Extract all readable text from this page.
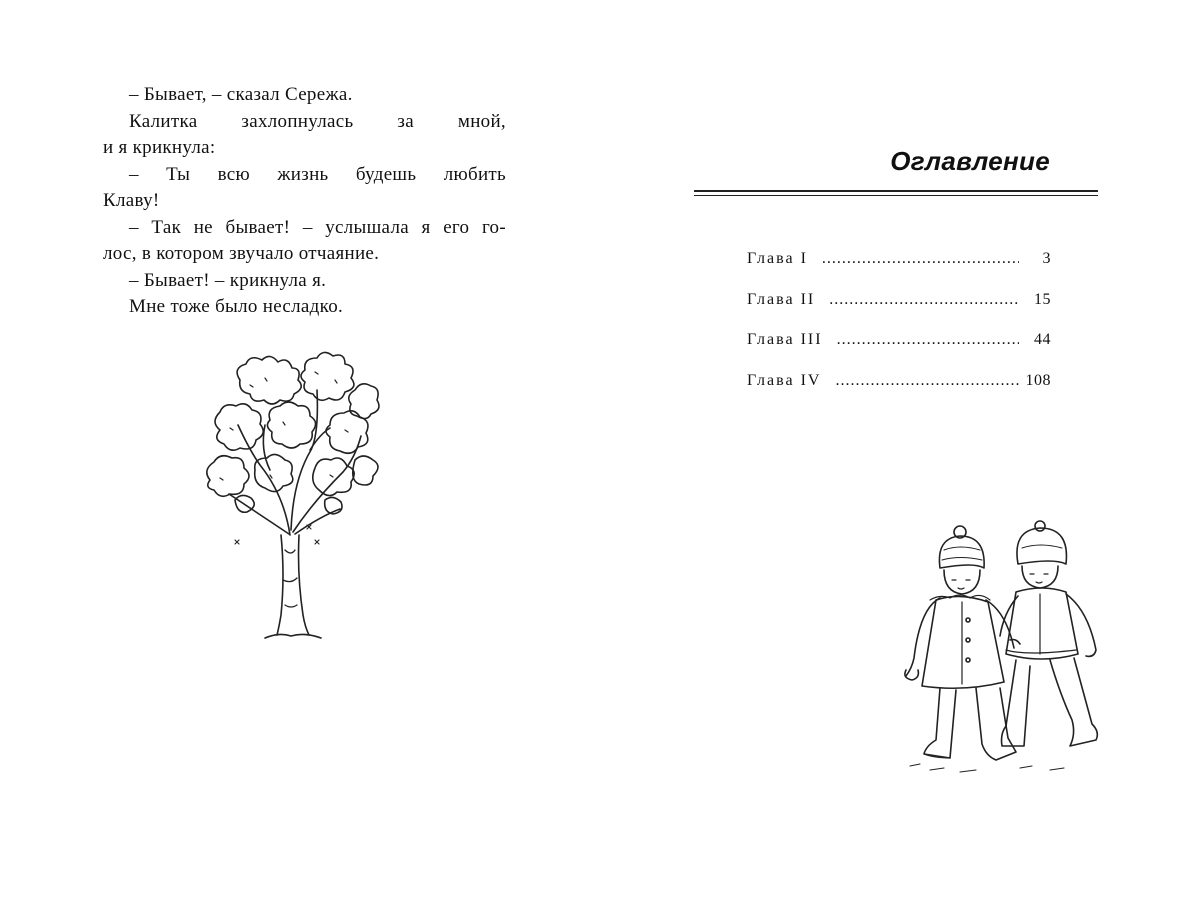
– Бывает, – сказал Сережа.

Калитка захлопнулась за мной,

и я крикнула:

– Ты всю жизнь будешь любить

Клаву!

– Так не бывает! – услышала я его го-

лос, в котором звучало отчаяние.

– Бывает! – крикнула я.

Мне тоже было несладко.

Оглавление
Глава I .....	3
Глава II .....	15
Глава III .....	44
Глава IV .....	108
